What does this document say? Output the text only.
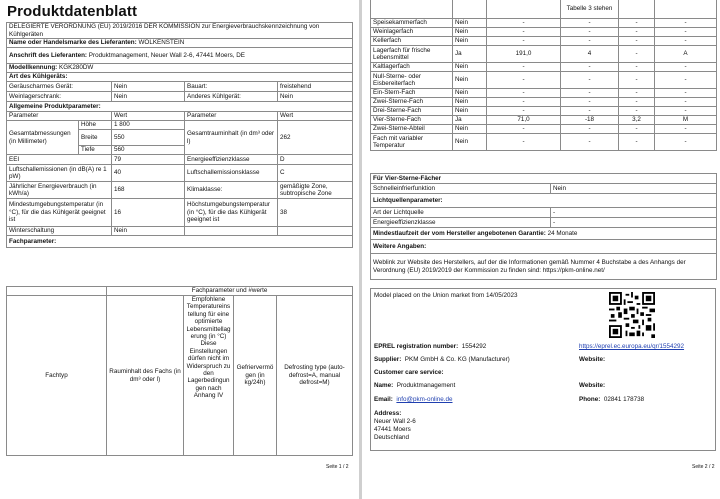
Produktdatenblatt
DELEGIERTE VERORDNUNG (EU) 2019/2016 DER KOMMISSION zur Energieverbrauchskennzeichnung von Kühlgeräten				
Name oder Handelsmarke des Lieferanten: WOLKENSTEIN				
Anschrift des Lieferanten: Produktmanagement, Neuer Wall 2-6, 47441 Moers, DE				
Modellkennung: KGK280DW				
Art des Kühlgeräts:				
Geräuscharmes Gerät:		Nein	Bauart:	freistehend
Weinlagerschrank:		Nein	Anderes Kühlgerät:	Nein
Allgemeine Produktparameter:				
Parameter		Wert	Parameter	Wert
Gesamtabmessungen (in Millimeter)	Höhe	1 800	Gesamtrauminhalt (in dm³ oder l)	262
	Breite	550		
	Tiefe	560		
EEI		79	Energieeffizienzklasse	D
Luftschallemissionen (in dB(A) re 1 pW)		40	Luftschallemissionsklasse	C
Jährlicher Energieverbrauch (in kWh/a)		168	Klimaklasse:	gemäßigte Zone, subtropische Zone
Mindestumgebungstemperatur (in °C), für die das Kühlgerät geeignet ist		16	Höchstumgebungstemperatur (in °C), für die das Kühlgerät geeignet ist	38
Winterschaltung		Nein		
Fachparameter:				
	Fachparameter und #werte			
Fachtyp	Rauminhalt des Fachs (in dm³ oder l)	Empfohlene Temperatureinstellung für eine optimierte Lebensmittellagerung (in °C) Diese Einstellungen dürfen nicht im Widerspruch zu den Lagerbedingungen nach Anhang IV	Gefriervermögen (in kg/24h)	Defrosting type (auto-defrost=A, manual defrost=M)
Seite 1 / 2
			Tabelle 3 stehen		
Speisekammerfach	Nein	-	-	-	-
Weinlagerfach	Nein	-	-	-	-
Kellerfach	Nein	-	-	-	-
Lagerfach für frische Lebensmittel	Ja	191,0	4	-	A
Kaltlagerfach	Nein	-	-	-	-
Null-Sterne- oder Eisbereiterfach	Nein	-	-	-	-
Ein-Stern-Fach	Nein	-	-	-	-
Zwei-Sterne-Fach	Nein	-	-	-	-
Drei-Sterne-Fach	Nein	-	-	-	-
Vier-Sterne-Fach	Ja	71,0	-18	3,2	M
Zwei-Sterne-Abteil	Nein	-	-	-	-
Fach mit variabler Temperatur	Nein	-	-	-	-
Für Vier-Sterne-Fächer	
Schnelleinfrierfunktion	Nein
Lichtquellenparameter:	
Art der Lichtquelle	-
Energieeffizienzklasse	-
Mindestlaufzeit der vom Hersteller angebotenen Garantie: 24 Monate	
Weitere Angaben:	
Weblink zur Website des Herstellers, auf der die Informationen gemäß Nummer 4 Buchstabe a des Anhangs der Verordnung (EU) 2019/2019 der Kommission zu finden sind: https://pkm-online.net/	
Model placed on the Union market from 14/05/2023
EPREL registration number: 1554292	https://eprel.ec.europa.eu/qr/1554292
Supplier: PKM GmbH & Co. KG (Manufacturer)	Website:
Customer care service:
Name: Produktmanagement	Website:
Email: info@pkm-online.de	Phone: 02841 178738
Address:
Neuer Wall 2-6
47441 Moers
Deutschland
Seite 2 / 2
